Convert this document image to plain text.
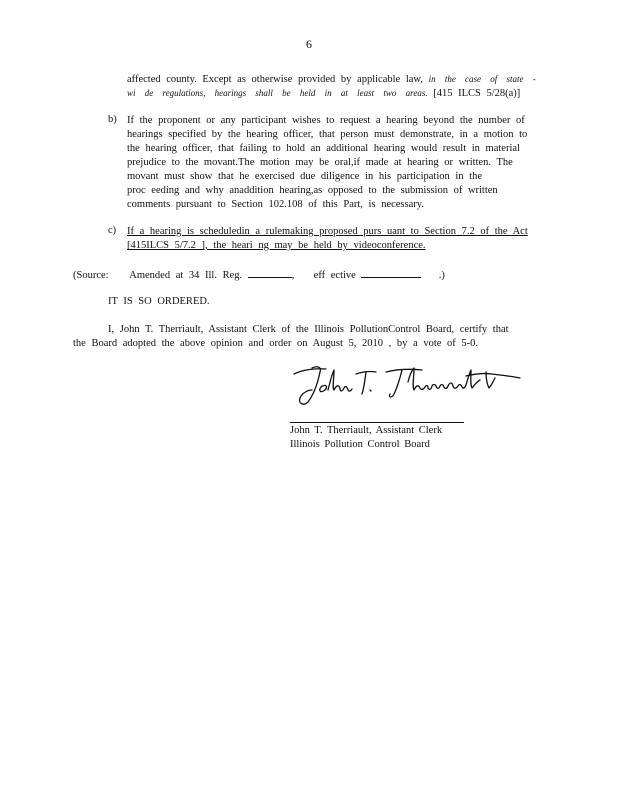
6
affected county. Except as otherwise provided by applicable law, in the case of state -
wi de regulations, hearings shall be held in at least two areas. [415 ILCS 5/28(a)]
b) If the proponent or any participant wishes to request a hearing beyond the number of
hearings specified by the hearing officer, that person must demonstrate, in a motion to
the hearing officer, that failing to hold an additional hearing would result in material
prejudice to the movant.The motion may be oral,if made at hearing or written. The
movant must show that he exercised due diligence in his participation in the
proc eeding and why anaddition hearing,as opposed to the submission of written
comments pursuant to Section 102.108 of this Part, is necessary.
c) If a hearing is scheduledin a rulemaking proposed purs uant to Section 7.2 of the Act
[415ILCS 5/7.2 ], the heari ng may be held by videoconference.
(Source: Amended at 34 Ill. Reg.	, eff ective	.)
IT IS SO ORDERED.
I, John T. Therriault, Assistant Clerk of the Illinois PollutionControl Board, certify that
the Board adopted the above opinion and order on August 5, 2010 , by a vote of 5-0.
John T. Therriault, Assistant Clerk
Illinois Pollution Control Board
